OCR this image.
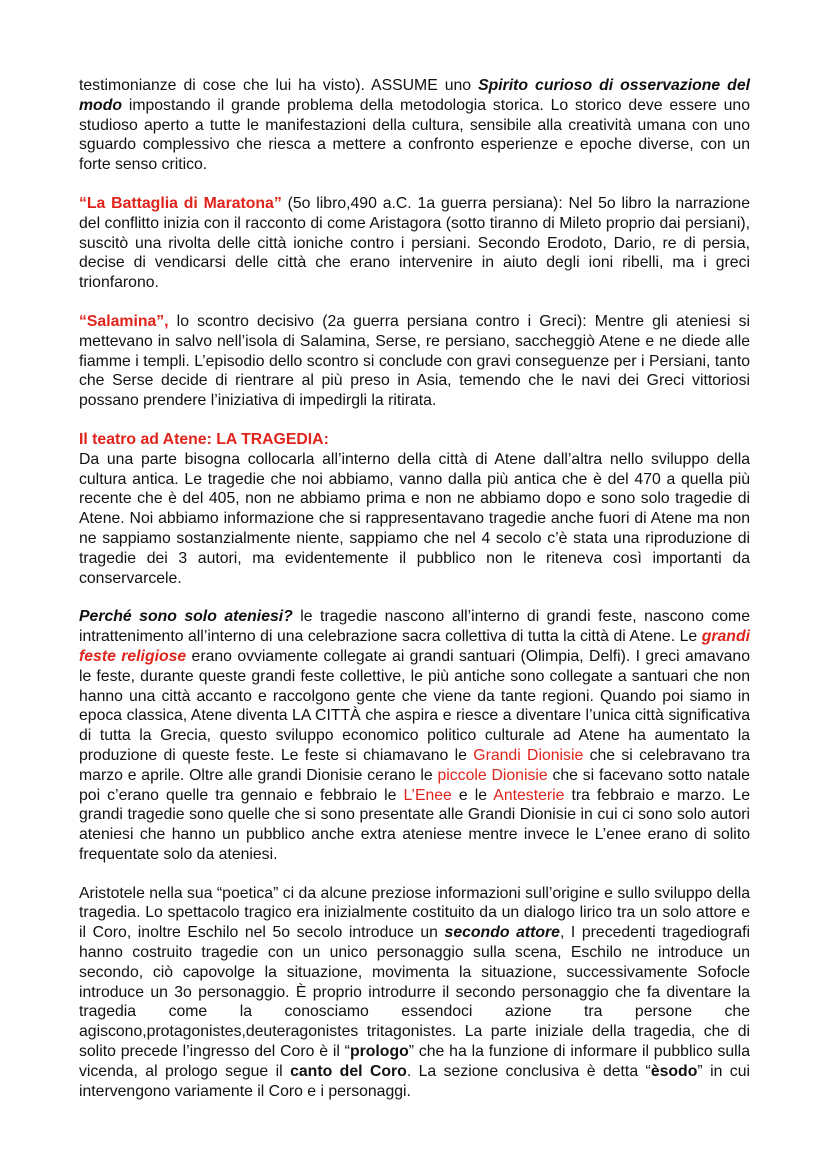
testimonianze di cose che lui ha visto). ASSUME uno Spirito curioso di osservazione del modo impostando il grande problema della metodologia storica. Lo storico deve essere uno studioso aperto a tutte le manifestazioni della cultura, sensibile alla creatività umana con uno sguardo complessivo che riesca a mettere a confronto esperienze e epoche diverse, con un forte senso critico.

“La Battaglia di Maratona” (5o libro,490 a.C. 1a guerra persiana): Nel 5o libro la narrazione del conflitto inizia con il racconto di come Aristagora (sotto tiranno di Mileto proprio dai persiani), suscitò una rivolta delle città ioniche contro i persiani. Secondo Erodoto, Dario, re di persia, decise di vendicarsi delle città che erano intervenire in aiuto degli ioni ribelli, ma i greci trionfarono.

“Salamina”, lo scontro decisivo (2a guerra persiana contro i Greci): Mentre gli ateniesi si mettevano in salvo nell’isola di Salamina, Serse, re persiano, saccheggiò Atene e ne diede alle fiamme i templi. L’episodio dello scontro si conclude con gravi conseguenze per i Persiani, tanto che Serse decide di rientrare al più preso in Asia, temendo che le navi dei Greci vittoriosi possano prendere l’iniziativa di impedirgli la ritirata.

Il teatro ad Atene: LA TRAGEDIA:

Da una parte bisogna collocarla all’interno della città di Atene dall’altra nello sviluppo della cultura antica. Le tragedie che noi abbiamo, vanno dalla più antica che è del 470 a quella più recente che è del 405, non ne abbiamo prima e non ne abbiamo dopo e sono solo tragedie di Atene. Noi abbiamo informazione che si rappresentavano tragedie anche fuori di Atene ma non ne sappiamo sostanzialmente niente, sappiamo che nel 4 secolo c’è stata una riproduzione di tragedie dei 3 autori, ma evidentemente il pubblico non le riteneva così importanti da conservarcele.

Perché sono solo ateniesi? le tragedie nascono all’interno di grandi feste, nascono come intrattenimento all’interno di una celebrazione sacra collettiva di tutta la città di Atene. Le grandi feste religiose erano ovviamente collegate ai grandi santuari (Olimpia, Delfi). I greci amavano le feste, durante queste grandi feste collettive, le più antiche sono collegate a santuari che non hanno una città accanto e raccolgono gente che viene da tante regioni. Quando poi siamo in epoca classica, Atene diventa LA CITTÀ che aspira e riesce a diventare l’unica città significativa di tutta la Grecia, questo sviluppo economico politico culturale ad Atene ha aumentato la produzione di queste feste. Le feste si chiamavano le Grandi Dionisie che si celebravano tra marzo e aprile. Oltre alle grandi Dionisie cerano le piccole Dionisie che si facevano sotto natale poi c’erano quelle tra gennaio e febbraio le L’Enee e le Antesterie tra febbraio e marzo. Le grandi tragedie sono quelle che si sono presentate alle Grandi Dionisie in cui ci sono solo autori ateniesi che hanno un pubblico anche extra ateniese mentre invece le L’enee erano di solito frequentate solo da ateniesi.

Aristotele nella sua “poetica” ci da alcune preziose informazioni sull’origine e sullo sviluppo della tragedia. Lo spettacolo tragico era inizialmente costituito da un dialogo lirico tra un solo attore e il Coro, inoltre Eschilo nel 5o secolo introduce un secondo attore, I precedenti tragediografi hanno costruito tragedie con un unico personaggio sulla scena, Eschilo ne introduce un secondo, ciò capovolge la situazione, movimenta la situazione, successivamente Sofocle introduce un 3o personaggio. È proprio introdurre il secondo personaggio che fa diventare la tragedia come la conosciamo essendoci azione tra persone che agiscono,protagonistes,deuteragonistes tritagonistes. La parte iniziale della tragedia, che di solito precede l’ingresso del Coro è il “prologo” che ha la funzione di informare il pubblico sulla vicenda, al prologo segue il canto del Coro. La sezione conclusiva è detta “èsodo” in cui intervengono variamente il Coro e i personaggi.
